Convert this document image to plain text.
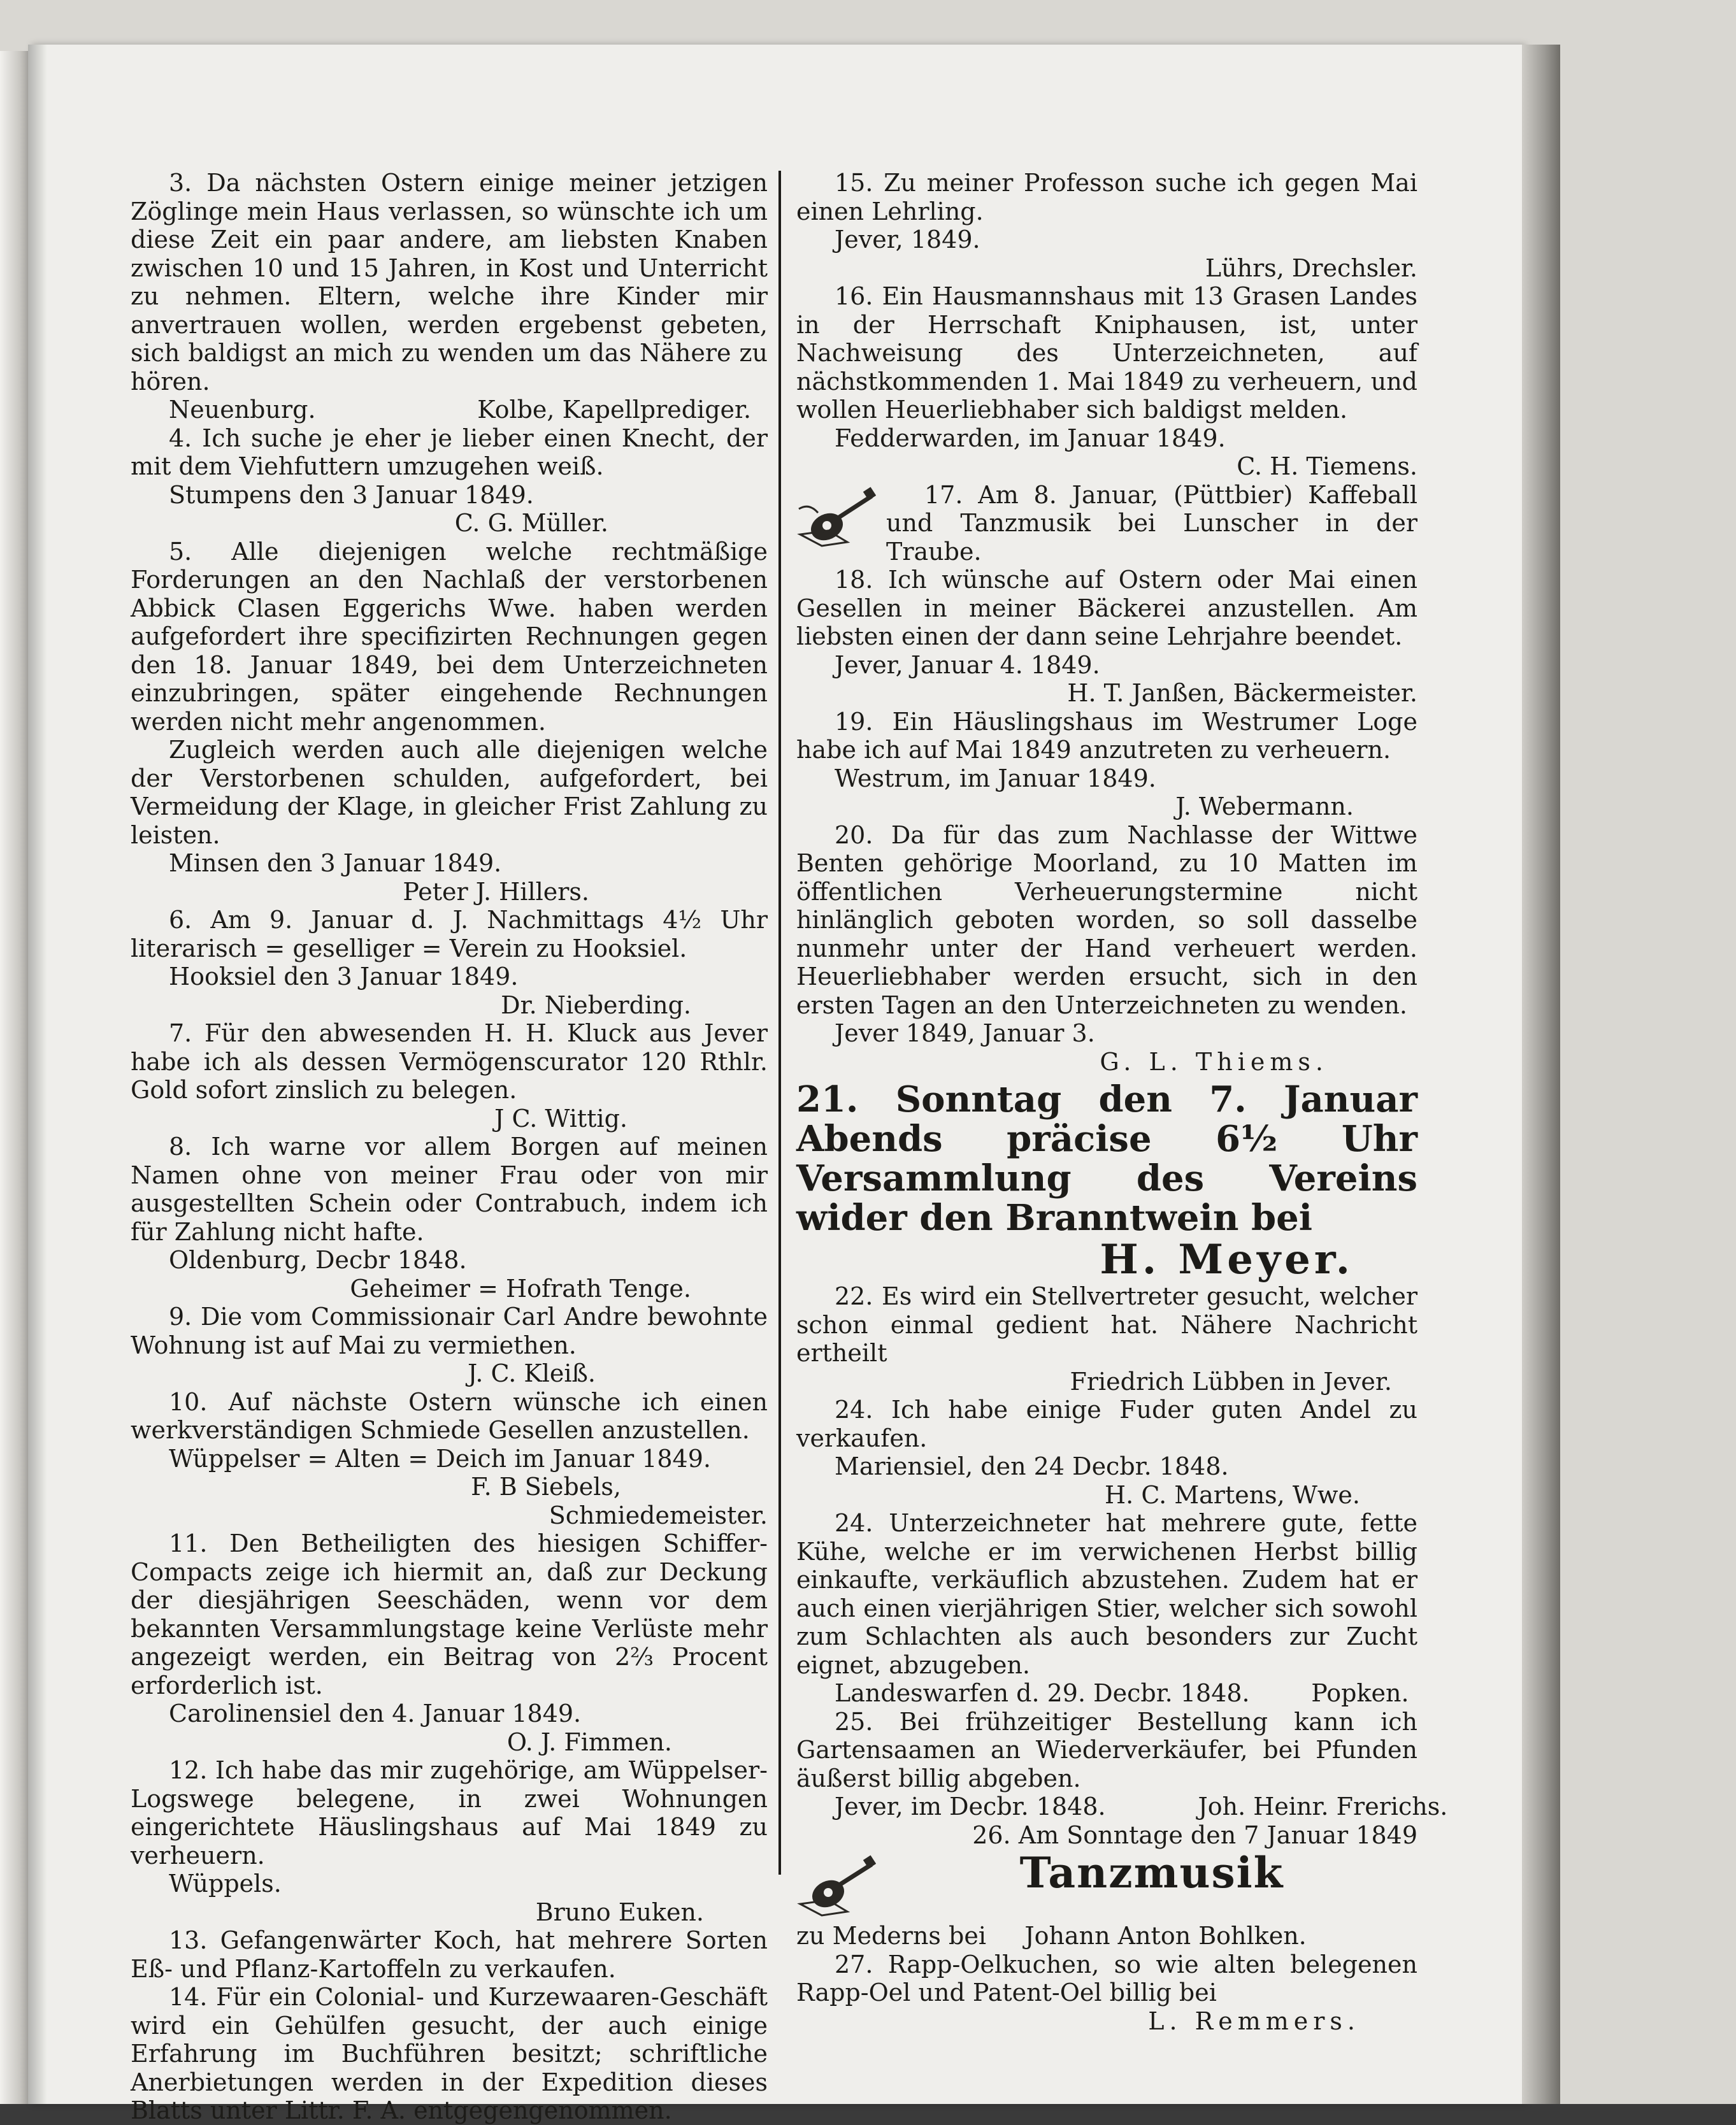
3. Da nächsten Ostern einige meiner jetzigen Zöglinge mein Haus verlassen, so wünschte ich um diese Zeit ein paar andere, am liebsten Knaben zwischen 10 und 15 Jahren, in Kost und Unterricht zu nehmen. Eltern, welche ihre Kinder mir anvertrauen wollen, werden ergebenst gebeten, sich baldigst an mich zu wenden um das Nähere zu hören.

Neuenburg.                     Kolbe, Kapellprediger.

4. Ich suche je eher je lieber einen Knecht, der mit dem Viehfuttern umzugehen weiß.

Stumpens den 3 Januar 1849.

C. G. Müller.

5. Alle diejenigen welche rechtmäßige Forderungen an den Nachlaß der verstorbenen Abbick Clasen Eggerichs Wwe. haben werden aufgefordert ihre specifizirten Rechnungen gegen den 18. Januar 1849, bei dem Unterzeichneten einzubringen, später eingehende Rechnungen werden nicht mehr angenommen.

Zugleich werden auch alle diejenigen welche der Verstorbenen schulden, aufgefordert, bei Vermeidung der Klage, in gleicher Frist Zahlung zu leisten.

Minsen den 3 Januar 1849.

Peter J. Hillers.

6. Am 9. Januar d. J. Nachmittags 4½ Uhr literarisch = geselliger = Verein zu Hooksiel.

Hooksiel den 3 Januar 1849.

Dr. Nieberding.

7. Für den abwesenden H. H. Kluck aus Jever habe ich als dessen Vermögenscurator 120 Rthlr. Gold sofort zinslich zu belegen.

J C. Wittig.

8. Ich warne vor allem Borgen auf meinen Namen ohne von meiner Frau oder von mir ausgestellten Schein oder Contrabuch, indem ich für Zahlung nicht hafte.

Oldenburg, Decbr 1848.

Geheimer = Hofrath Tenge.

9. Die vom Commissionair Carl Andre bewohnte Wohnung ist auf Mai zu vermiethen.

J. C. Kleiß.

10. Auf nächste Ostern wünsche ich einen werkverständigen Schmiede Gesellen anzustellen.

Wüppelser = Alten = Deich im Januar 1849.

F. B Siebels,

Schmiedemeister.

11. Den Betheiligten des hiesigen Schiffer-Compacts zeige ich hiermit an, daß zur Deckung der diesjährigen Seeschäden, wenn vor dem bekannten Versammlungstage keine Verlüste mehr angezeigt werden, ein Beitrag von 2⅔ Procent erforderlich ist.

Carolinensiel den 4. Januar 1849.

O. J. Fimmen.

12. Ich habe das mir zugehörige, am Wüppelser-Logswege belegene, in zwei Wohnungen eingerichtete Häuslingshaus auf Mai 1849 zu verheuern.

Wüppels.

Bruno Euken.

13. Gefangenwärter Koch, hat mehrere Sorten Eß- und Pflanz-Kartoffeln zu verkaufen.

14. Für ein Colonial- und Kurzewaaren-Geschäft wird ein Gehülfen gesucht, der auch einige Erfahrung im Buchführen besitzt; schriftliche Anerbietungen werden in der Expedition dieses Blatts unter Littr. F. A. entgegengenommen.

15. Zu meiner Professon suche ich gegen Mai einen Lehrling.

Jever, 1849.

Lührs, Drechsler.

16. Ein Hausmannshaus mit 13 Grasen Landes in der Herrschaft Kniphausen, ist, unter Nachweisung des Unterzeichneten, auf nächstkommenden 1. Mai 1849 zu verheuern, und wollen Heuerliebhaber sich baldigst melden.

Fedderwarden, im Januar 1849.

C. H. Tiemens.

17. Am 8. Januar, (Püttbier) Kaffeball und Tanzmusik bei Lunscher in der Traube.

18. Ich wünsche auf Ostern oder Mai einen Gesellen in meiner Bäckerei anzustellen. Am liebsten einen der dann seine Lehrjahre beendet.

Jever, Januar 4. 1849.

H. T. Janßen, Bäckermeister.

19. Ein Häuslingshaus im Westrumer Loge habe ich auf Mai 1849 anzutreten zu verheuern.

Westrum, im Januar 1849.

J. Webermann.

20. Da für das zum Nachlasse der Wittwe Benten gehörige Moorland, zu 10 Matten im öffentlichen Verheuerungstermine nicht hinlänglich geboten worden, so soll dasselbe nunmehr unter der Hand verheuert werden. Heuerliebhaber werden ersucht, sich in den ersten Tagen an den Unterzeichneten zu wenden.

Jever 1849, Januar 3.

G. L. Thiems.

21. Sonntag den 7. Januar Abends präcise 6½ Uhr Versammlung des Vereins wider den Branntwein bei

H. Meyer.

22. Es wird ein Stellvertreter gesucht, welcher schon einmal gedient hat. Nähere Nachricht ertheilt

Friedrich Lübben in Jever.

24. Ich habe einige Fuder guten Andel zu verkaufen.

Mariensiel, den 24 Decbr. 1848.

H. C. Martens, Wwe.

24. Unterzeichneter hat mehrere gute, fette Kühe, welche er im verwichenen Herbst billig einkaufte, verkäuflich abzustehen. Zudem hat er auch einen vierjährigen Stier, welcher sich sowohl zum Schlachten als auch besonders zur Zucht eignet, abzugeben.

Landeswarfen d. 29. Decbr. 1848.        Popken.

25. Bei frühzeitiger Bestellung kann ich Gartensaamen an Wiederverkäufer, bei Pfunden äußerst billig abgeben.

Jever, im Decbr. 1848.            Joh. Heinr. Frerichs.

26. Am Sonntage den 7 Januar 1849

Tanzmusik

zu Mederns bei     Johann Anton Bohlken.

27. Rapp-Oelkuchen, so wie alten belegenen Rapp-Oel und Patent-Oel billig bei

L. Remmers.
